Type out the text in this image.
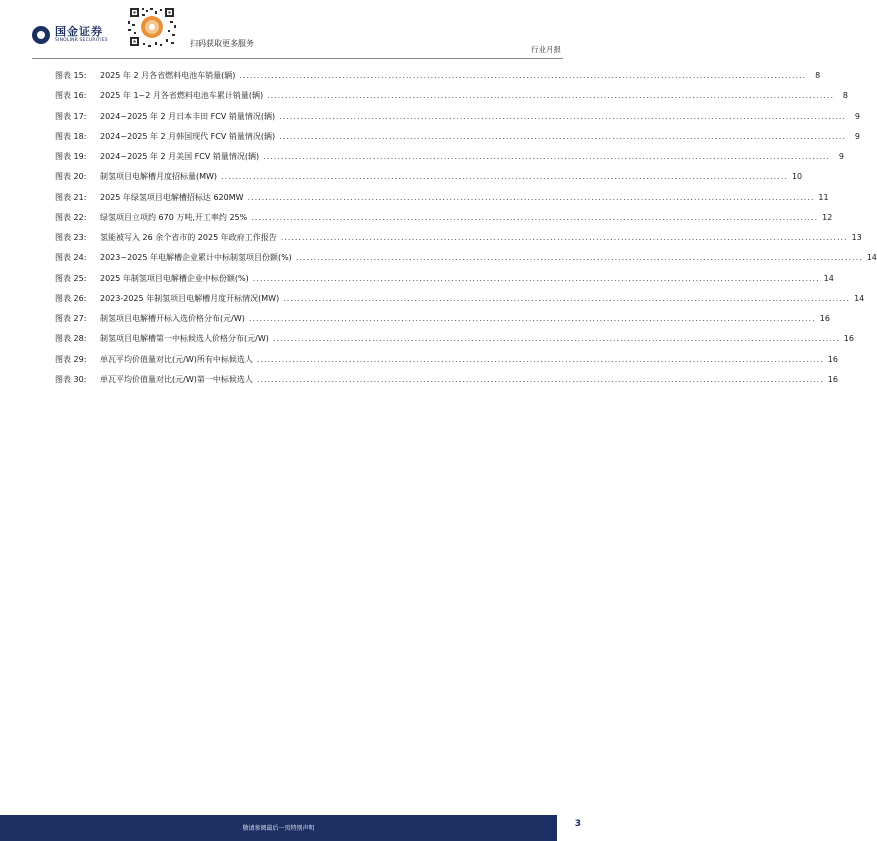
国金证券
SINOLINK SECURITIES	扫码获取更多服务
行业月报
图表 15:	2025 年 2 月各省燃料电池车销量(辆) ................................................................................................................................................................	8
图表 16:	2025 年 1~2 月各省燃料电池车累计销量(辆) ................................................................................................................................................................	8
图表 17:	2024~2025 年 2 月日本丰田 FCV 销量情况(辆) ................................................................................................................................................................	9
图表 18:	2024~2025 年 2 月韩国现代 FCV 销量情况(辆) ................................................................................................................................................................	9
图表 19:	2024~2025 年 2 月美国 FCV 销量情况(辆) ................................................................................................................................................................	9
图表 20:	制氢项目电解槽月度招标量(MW) ................................................................................................................................................................ 10
图表 21:	2025 年绿氢项目电解槽招标达 620MW ................................................................................................................................................................ 11
图表 22:	绿氢项目立项约 670 万吨,开工率约 25% ................................................................................................................................................................ 12
图表 23:	氢能被写入 26 余个省市的 2025 年政府工作报告 ................................................................................................................................................................ 13
图表 24:	2023~2025 年电解槽企业累计中标制氢项目份额(%) ................................................................................................................................................................ 14
图表 25:	2025 年制氢项目电解槽企业中标份额(%) ................................................................................................................................................................ 14
图表 26:	2023-2025 年制氢项目电解槽月度开标情况(MW) ................................................................................................................................................................ 14
图表 27:	制氢项目电解槽开标入选价格分布(元/W) ................................................................................................................................................................ 16
图表 28:	制氢项目电解槽第一中标候选人价格分布(元/W) ................................................................................................................................................................ 16
图表 29:	单瓦平均价值量对比(元/W)所有中标候选人 ................................................................................................................................................................ 16
图表 30:	单瓦平均价值量对比(元/W)第一中标候选人 ................................................................................................................................................................ 16
敬请参阅最后一页特别声明	3
